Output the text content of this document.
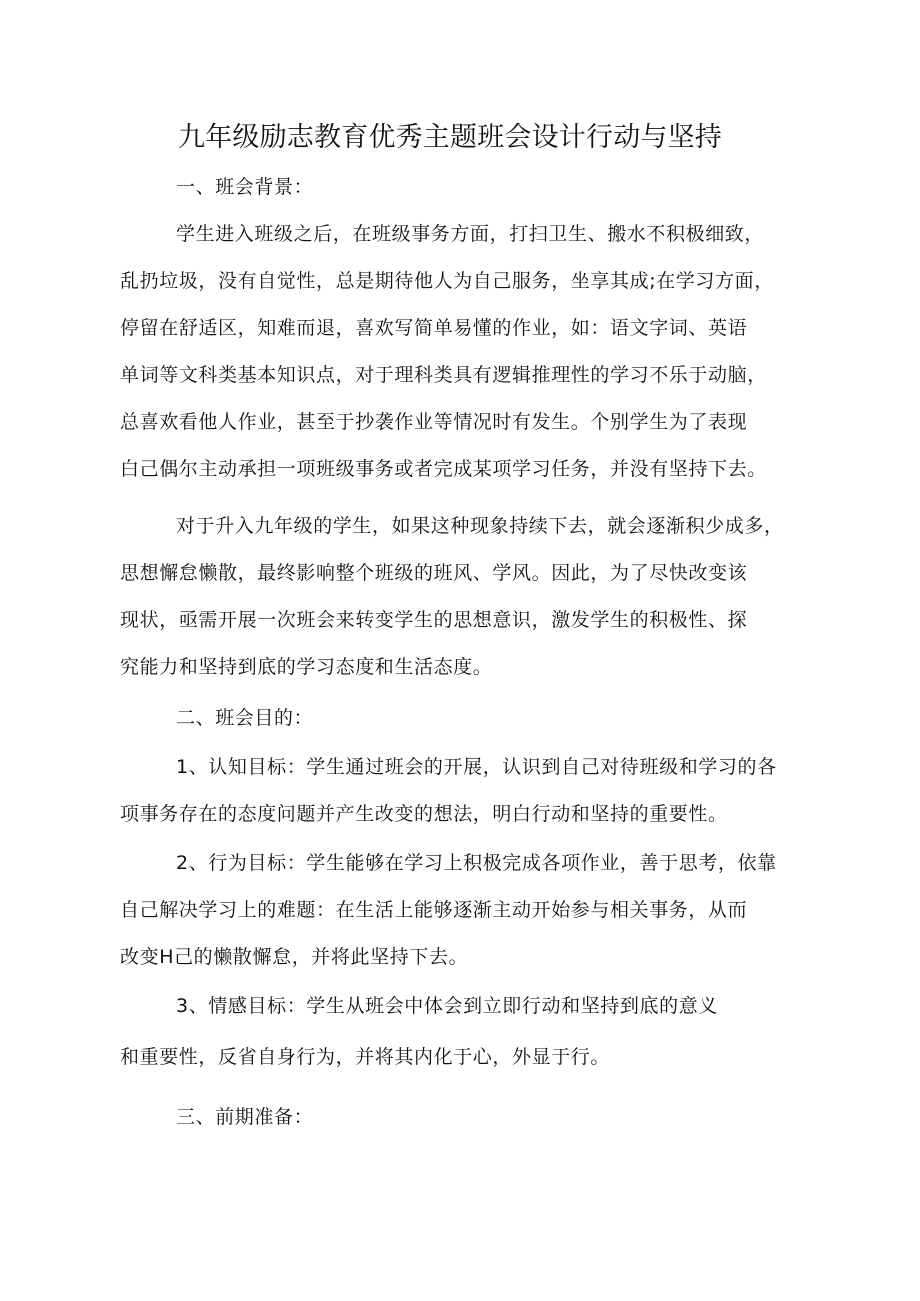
九年级励志教育优秀主题班会设计行动与坚持
一、班会背景：
学生进入班级之后，在班级事务方面，打扫卫生、搬水不积极细致，
乱扔垃圾，没有自觉性，总是期待他人为自己服务，坐享其成;在学习方面，
停留在舒适区，知难而退，喜欢写简单易懂的作业，如：语文字词、英语
单词等文科类基本知识点，对于理科类具有逻辑推理性的学习不乐于动脑，
总喜欢看他人作业，甚至于抄袭作业等情况时有发生。个别学生为了表现
白己偶尔主动承担一项班级事务或者完成某项学习任务，并没有坚持下去。
对于升入九年级的学生，如果这种现象持续下去，就会逐渐积少成多，
思想懈怠懒散，最终影响整个班级的班风、学风。因此，为了尽快改变该
现状，亟需开展一次班会来转变学生的思想意识，激发学生的积极性、探
究能力和坚持到底的学习态度和生活态度。
二、班会目的：
1、认知目标：学生通过班会的开展，认识到自己对待班级和学习的各
项事务存在的态度问题并产生改变的想法，明白行动和坚持的重要性。
2、行为目标：学生能够在学习上积极完成各项作业，善于思考，依靠
自己解决学习上的难题：在生活上能够逐渐主动开始参与相关事务，从而
改变H己的懒散懈怠，并将此坚持下去。
3、情感目标：学生从班会中体会到立即行动和坚持到底的意义
和重要性，反省自身行为，并将其内化于心，外显于行。
三、前期准备：
